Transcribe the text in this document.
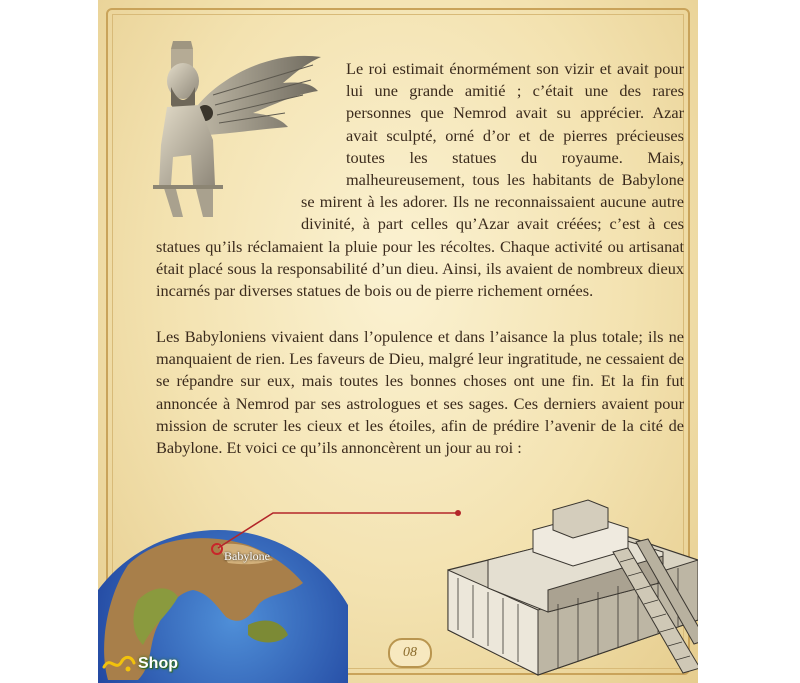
Le roi estimait énormément son vizir et avait pour lui une grande amitié ; c’était une des rares personnes que Nemrod avait su apprécier. Azar avait sculpté, orné d’or et de pierres précieuses toutes les statues du royaume. Mais, malheureusement, tous les habitants de Babylone se mirent à les adorer. Ils ne reconnaissaient aucune autre divinité, à part celles qu’Azar avait créées; c’est à ces statues qu’ils réclamaient la pluie pour les récoltes. Chaque activité ou artisanat était placé sous la responsabilité d’un dieu. Ainsi, ils avaient de nombreux dieux incarnés par diverses statues de bois ou de pierre richement ornées.
Les Babyloniens vivaient dans l’opulence et dans l’aisance la plus totale; ils ne manquaient de rien. Les faveurs de Dieu, malgré leur ingratitude, ne cessaient de se répandre sur eux, mais toutes les bonnes choses ont une fin. Et la fin fut annoncée à Nemrod par ses astrologues et ses sages. Ces derniers avaient pour mission de scruter les cieux et les étoiles, afin de prédire l’avenir de la cité de Babylone. Et voici ce qu’ils annoncèrent un jour au roi :
Babylone
08
Shop
